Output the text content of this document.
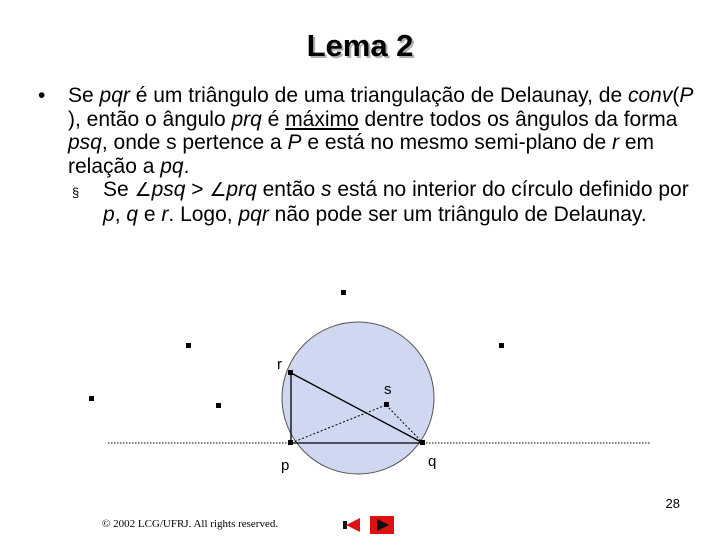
Lema 2
•	Se pqr é um triângulo de uma triangulação de Delaunay, de conv(P ), então o ângulo prq é máximo dentre todos os ângulos da forma psq, onde s pertence a P e está no mesmo semi-plano de r em relação a pq.
§	Se ∠psq > ∠prq então s está no interior do círculo definido por p, q e r. Logo, pqr não pode ser um triângulo de Delaunay.
r
s
p	q
28
© 2002 LCG/UFRJ. All rights reserved.
